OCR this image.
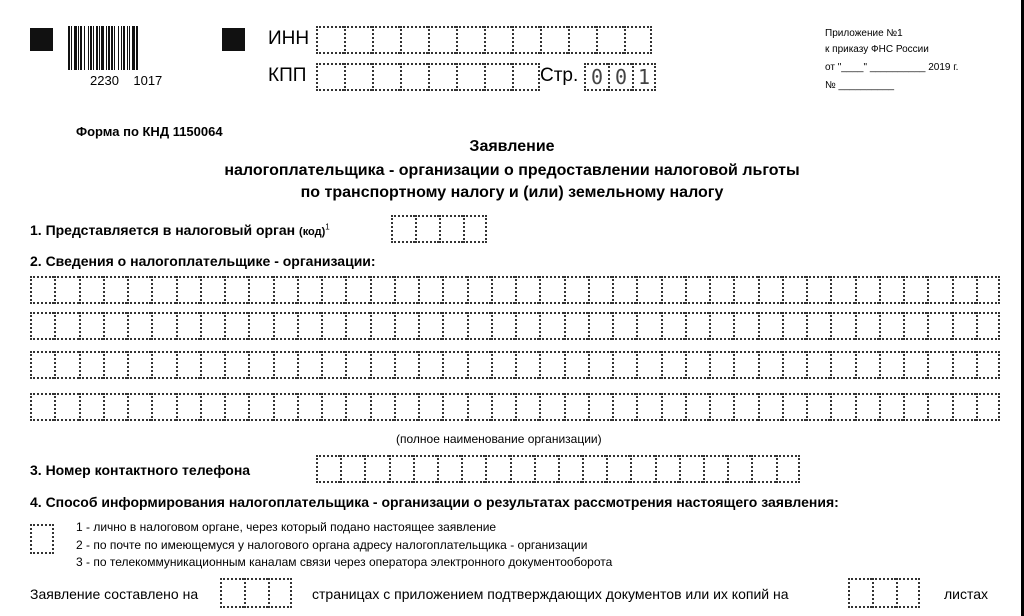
2230    1017
ИНН
КПП	Стр. 0 0 1
Приложение №1
к приказу ФНС России
от "____" __________ 2019 г.
№ __________
Форма по КНД 1150064
Заявление
налогоплательщика - организации о предоставлении налоговой льготы
по транспортному налогу и (или) земельному налогу
1. Представляется в налоговый орган (код)$^1$
2. Сведения о налогоплательщике - организации:
(полное наименование организации)
3. Номер контактного телефона
4. Способ информирования налогоплательщика - организации о результатах рассмотрения настоящего заявления:
1 - лично в налоговом органе, через который подано настоящее заявление
2 - по почте по имеющемуся у налогового органа адресу налогоплательщика - организации
3 - по телекоммуникационным каналам связи через оператора электронного документооборота
Заявление составлено на	страницах с приложением подтверждающих документов или их копий на	листах
